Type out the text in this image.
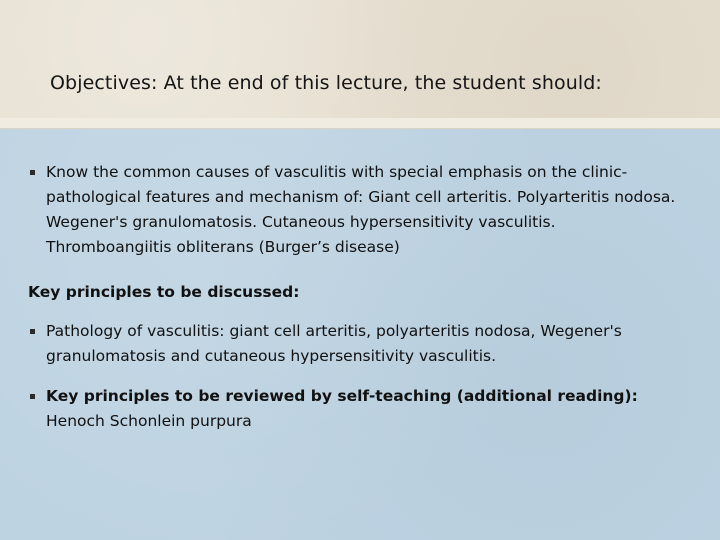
Objectives: At the end of this lecture, the student should:
Know the common causes of vasculitis with special emphasis on the clinic-pathological features and mechanism of: Giant cell arteritis. Polyarteritis nodosa. Wegener's granulomatosis. Cutaneous hypersensitivity vasculitis. Thromboangiitis obliterans (Burger’s disease)
Key principles to be discussed:
Pathology of vasculitis: giant cell arteritis, polyarteritis nodosa, Wegener's granulomatosis and cutaneous hypersensitivity vasculitis.
Key principles to be reviewed by self-teaching (additional reading):
Henoch Schonlein purpura
